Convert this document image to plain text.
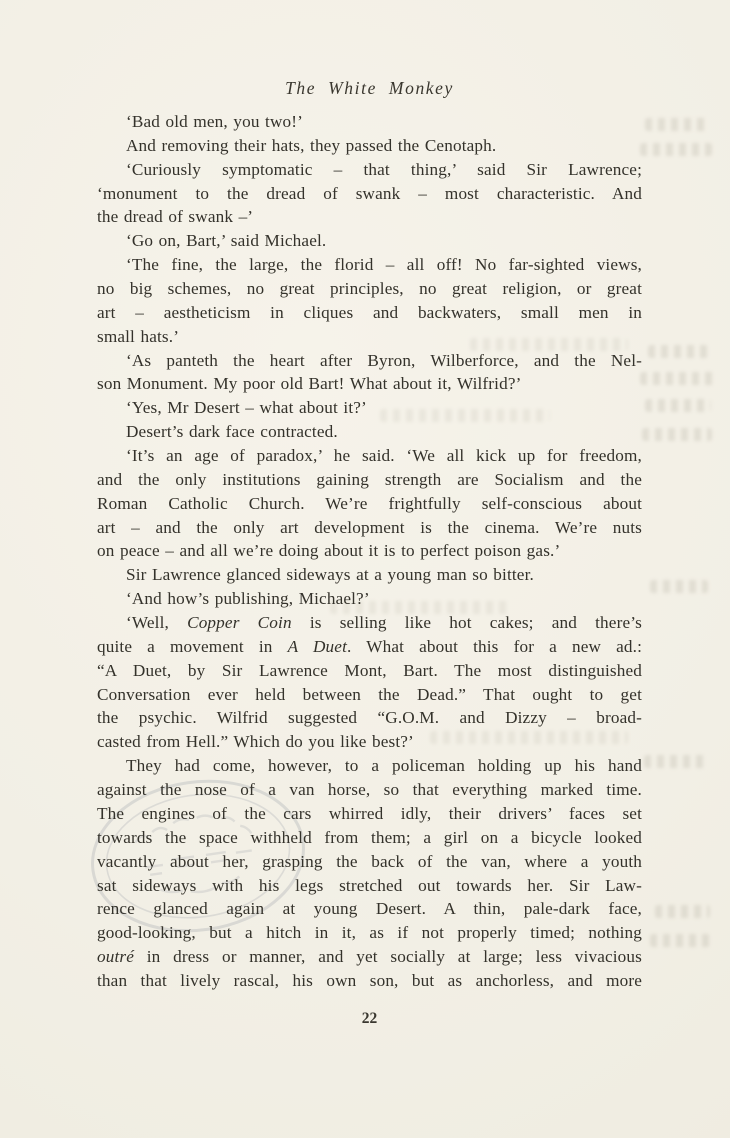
The White Monkey
‘Bad old men, you two!’
And removing their hats, they passed the Cenotaph.
‘Curiously symptomatic – that thing,’ said Sir Lawrence;
‘monument to the dread of swank – most characteristic. And
the dread of swank –’
‘Go on, Bart,’ said Michael.
‘The fine, the large, the florid – all off! No far-sighted views,
no big schemes, no great principles, no great religion, or great
art – aestheticism in cliques and backwaters, small men in
small hats.’
‘As panteth the heart after Byron, Wilberforce, and the Nel-
son Monument. My poor old Bart! What about it, Wilfrid?’
‘Yes, Mr Desert – what about it?’
Desert’s dark face contracted.
‘It’s an age of paradox,’ he said. ‘We all kick up for freedom,
and the only institutions gaining strength are Socialism and the
Roman Catholic Church. We’re frightfully self-conscious about
art – and the only art development is the cinema. We’re nuts
on peace – and all we’re doing about it is to perfect poison gas.’
Sir Lawrence glanced sideways at a young man so bitter.
‘And how’s publishing, Michael?’
‘Well, Copper Coin is selling like hot cakes; and there’s
quite a movement in A Duet. What about this for a new ad.:
“A Duet, by Sir Lawrence Mont, Bart. The most distinguished
Conversation ever held between the Dead.” That ought to get
the psychic. Wilfrid suggested “G.O.M. and Dizzy – broad-
casted from Hell.” Which do you like best?’
They had come, however, to a policeman holding up his hand
against the nose of a van horse, so that everything marked time.
The engines of the cars whirred idly, their drivers’ faces set
towards the space withheld from them; a girl on a bicycle looked
vacantly about her, grasping the back of the van, where a youth
sat sideways with his legs stretched out towards her. Sir Law-
rence glanced again at young Desert. A thin, pale-dark face,
good-looking, but a hitch in it, as if not properly timed; nothing
outré in dress or manner, and yet socially at large; less vivacious
than that lively rascal, his own son, but as anchorless, and more
22
